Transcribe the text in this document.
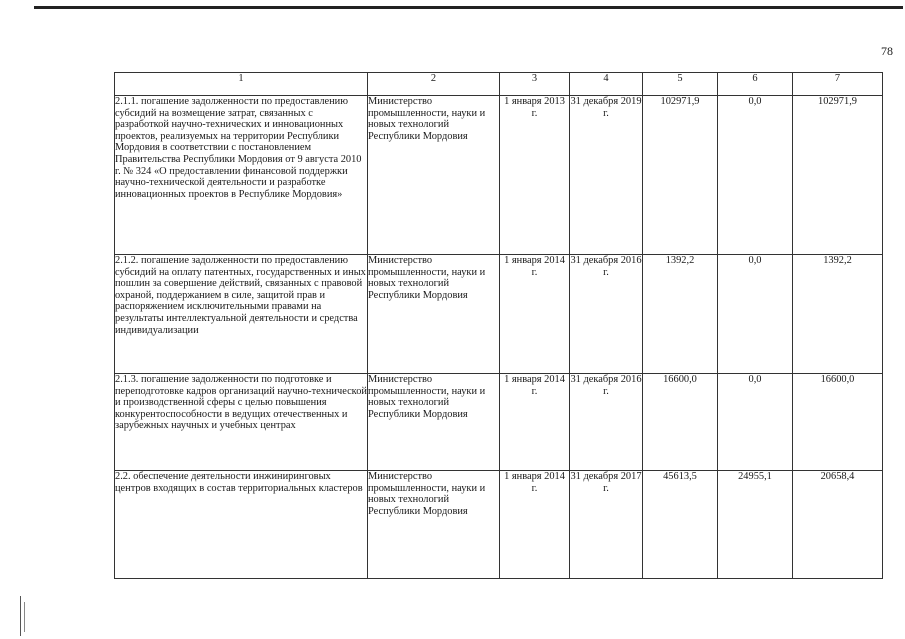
78
1	2	3	4	5	6	7
2.1.1. погашение задолженности по предоставлению субсидий на возмещение затрат, связанных с разработкой научно-технических и инновационных проектов, реализуемых на территории Республики Мордовия в соответствии с постановлением Правительства Республики Мордовия от 9 августа 2010 г. № 324 «О предоставлении финансовой поддержки научно-технической деятельности и разработке инновационных проектов в Республике Мордовия»	Министерство промышленности, науки и новых технологий Республики Мордовия	1 января 2013 г.	31 декабря 2019 г.	102971,9	0,0	102971,9
2.1.2. погашение задолженности по предоставлению субсидий на оплату патентных, государственных и иных пошлин за совершение действий, связанных с правовой охраной, поддержанием в силе, защитой прав и распоряжением исключительными правами на результаты интеллектуальной деятельности и средства индивидуализации	Министерство промышленности, науки и новых технологий Республики Мордовия	1 января 2014 г.	31 декабря 2016 г.	1392,2	0,0	1392,2
2.1.3. погашение задолженности по подготовке и переподготовке кадров организаций научно-технической и производственной сферы с целью повышения конкурентоспособности в ведущих отечественных и зарубежных научных и учебных центрах	Министерство промышленности, науки и новых технологий Республики Мордовия	1 января 2014 г.	31 декабря 2016 г.	16600,0	0,0	16600,0
2.2. обеспечение деятельности инжиниринговых центров входящих в состав территориальных кластеров	Министерство промышленности, науки и новых технологий Республики Мордовия	1 января 2014 г.	31 декабря 2017 г.	45613,5	24955,1	20658,4
